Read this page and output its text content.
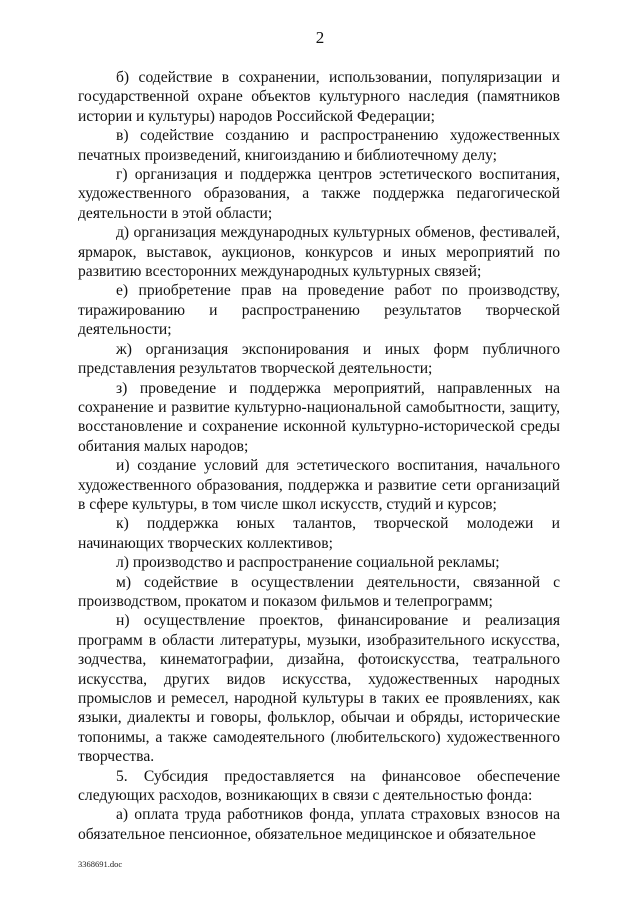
2

б) содействие в сохранении, использовании, популяризации и государственной охране объектов культурного наследия (памятников истории и культуры) народов Российской Федерации;

в) содействие созданию и распространению художественных печатных произведений, книгоизданию и библиотечному делу;

г) организация и поддержка центров эстетического воспитания, художественного образования, а также поддержка педагогической деятельности в этой области;

д) организация международных культурных обменов, фестивалей, ярмарок, выставок, аукционов, конкурсов и иных мероприятий по развитию всесторонних международных культурных связей;

е) приобретение прав на проведение работ по производству, тиражированию и распространению результатов творческой деятельности;

ж) организация экспонирования и иных форм публичного представления результатов творческой деятельности;

з) проведение и поддержка мероприятий, направленных на сохранение и развитие культурно-национальной самобытности, защиту, восстановление и сохранение исконной культурно-исторической среды обитания малых народов;

и) создание условий для эстетического воспитания, начального художественного образования, поддержка и развитие сети организаций в сфере культуры, в том числе школ искусств, студий и курсов;

к) поддержка юных талантов, творческой молодежи и начинающих творческих коллективов;

л) производство и распространение социальной рекламы;

м) содействие в осуществлении деятельности, связанной с производством, прокатом и показом фильмов и телепрограмм;

н) осуществление проектов, финансирование и реализация программ в области литературы, музыки, изобразительного искусства, зодчества, кинематографии, дизайна, фотоискусства, театрального искусства, других видов искусства, художественных народных промыслов и ремесел, народной культуры в таких ее проявлениях, как языки, диалекты и говоры, фольклор, обычаи и обряды, исторические топонимы, а также самодеятельного (любительского) художественного творчества.

5. Субсидия предоставляется на финансовое обеспечение следующих расходов, возникающих в связи с деятельностью фонда:

а) оплата труда работников фонда, уплата страховых взносов на обязательное пенсионное, обязательное медицинское и обязательное

3368691.doc
